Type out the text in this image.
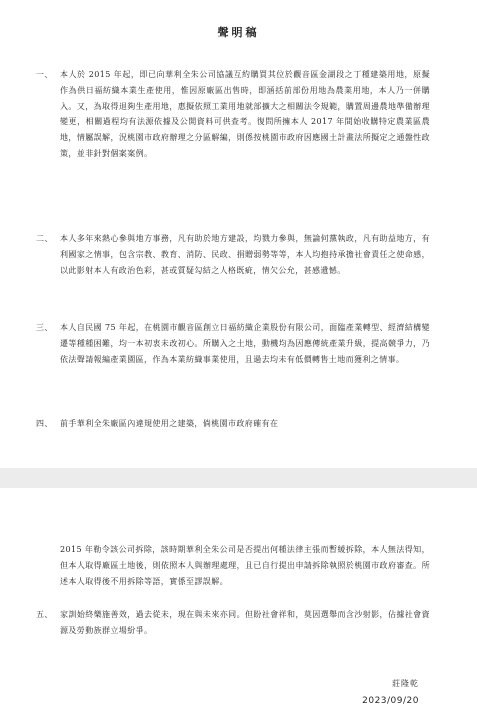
聲明稿
一、 本人於 2015 年起，即已向華利全朱公司協議互約購買其位於觀音區金湖段之丁種建築用地，原擬作為供日福紡織本業生產使用，惟因原廠區出售時，即涵括前部份用地為農業用地，本人乃一併購入。又，為取得退夠生產用地，惠擬依照工業用地就部擴大之相關法令規範，購置周邊農地準備辦理變更，相關過程均有法源依據及公開資料可供查考。復問所擁本人 2017 年間始收購特定農業區農地，情屬誤解，況桃園市政府辦理之分區解編，則係按桃園市政府因應國土計畫法所擬定之通盤性政策，並非針對個案案例。
二、 本人多年來熱心參與地方事務，凡有助於地方建設，均戮力參與，無論何黨執政，凡有助益地方，有利國家之情事，包含宗教、教育、消防、民政、捐贈弱勢等等，本人均抱持承擔社會責任之使命感，以此影射本人有政治色彩，甚或質疑勾結之人格既疵，情欠公允，甚感遺憾。
三、 本人自民國 75 年起，在桃園市觀音區創立日福紡織企業股份有限公司，面臨產業轉型、經濟結構變遷等種種困難，均一本初衷未改初心。所購入之土地，動機均為因應傳統產業升級，提高競爭力，乃依法聲請報編產業園區，作為本業紡織事業使用，且過去均未有低價轉售土地而獲利之情事。
四、 前手華利全朱廠區內違規使用之建築，倘桃園市政府確有在
2015 年勒令該公司拆除，該時期華利全朱公司是否提出何種法律主張而暫緩拆除，本人無法得知，但本人取得廠區土地後，則依照本人與辦理處理，且已自行提出申請拆除執照於桃園市政府審查。所述本人取得後不用拆除等語，實係至謬誤解。
五、 家訓始終樂施善效，過去從未，現在與未來亦同。但盼社會祥和，莫因選舉而含沙射影，佔據社會資源及勞動族群立場紛爭。
莊隆乾
2023/09/20
